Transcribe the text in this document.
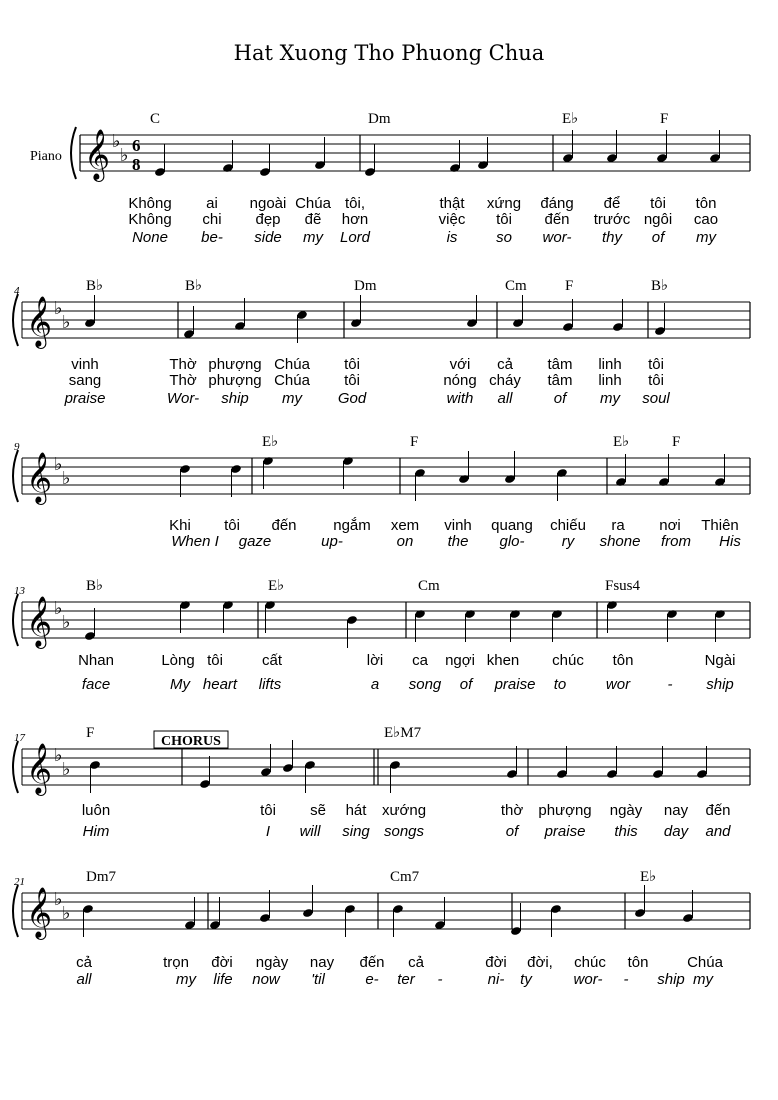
Hat Xuong Tho Phuong Chua
Piano 𝄞 ♭
♭ 6
8
C	Dm	E♭	F
Không ai ngoài Chúa tôi,	thật xứng đáng để tôi tôn
Không chi đẹp đẽ hơn	việc tôi đến trước ngôi cao
None be- side my Lord	is	so wor- thy of my
𝄞 ♭
♭
4	B♭	B♭	Dm	Cm	F	B♭
vinh	Thờ phượng Chúa tôi	với cả tâm linh tôi
sang	Thờ phượng Chúa tôi	nóng cháy tâm linh tôi
praise	Wor- ship my God	with all	of my soul
𝄞 ♭
♭
9	E♭	F	E♭	F
Khi tôi đến ngắm xem vinh quang chiếu ra nơi Thiên
When I gaze	up-	on the glo- ry shone from His
𝄞 ♭
♭
13	B♭	E♭	Cm	Fsus4
Nhan	Lòng tôi	cất	lời ca ngợi khen chúc tôn	Ngài
face	My heart lifts	a song of praise to	wor - ship
𝄞 ♭
♭
17	F	E♭M7
luôn	tôi sẽ hát xướng	thờ phượng ngày nay đến
Him	I will sing songs	of praise this day and
CHORUS
𝄞 ♭
♭
21	Dm7	Cm7	E♭
cả	trọn đời ngày nay đến cả	đời đời, chúc tôn	Chúa
all	my life now 'til	e- ter -	ni- ty	wor- - ship my
